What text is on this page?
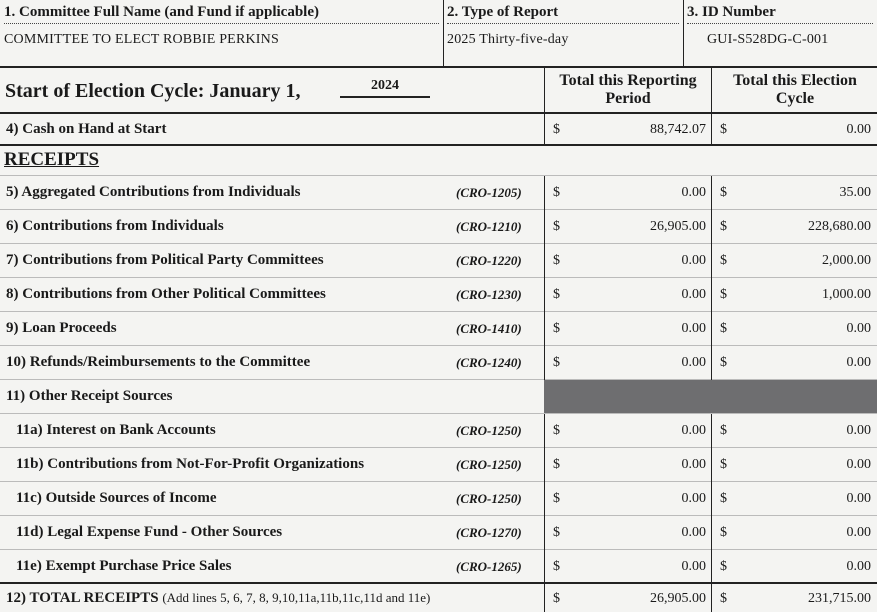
1. Committee Full Name (and Fund if applicable)
COMMITTEE TO ELECT ROBBIE PERKINS
2. Type of Report
2025 Thirty-five-day
3. ID Number
GUI-S528DG-C-001
Start of Election Cycle: January 1,	2024	Total this Reporting Period
Total this Election Cycle
4) Cash on Hand at Start	$	88,742.07 $	0.00
RECEIPTS
5) Aggregated Contributions from Individuals	(CRO-1205) $	0.00 $	35.00
6) Contributions from Individuals	(CRO-1210) $	26,905.00 $	228,680.00
7) Contributions from Political Party Committees	(CRO-1220) $	0.00 $	2,000.00
8) Contributions from Other Political Committees	(CRO-1230) $	0.00 $	1,000.00
9) Loan Proceeds	(CRO-1410) $	0.00 $	0.00
10) Refunds/Reimbursements to the Committee	(CRO-1240) $	0.00 $	0.00
11) Other Receipt Sources
11a) Interest on Bank Accounts	(CRO-1250) $	0.00 $	0.00
11b) Contributions from Not-For-Profit Organizations	(CRO-1250) $	0.00 $	0.00
11c) Outside Sources of Income	(CRO-1250) $	0.00 $	0.00
11d) Legal Expense Fund - Other Sources	(CRO-1270) $	0.00 $	0.00
11e) Exempt Purchase Price Sales	(CRO-1265) $	0.00 $	0.00
12) TOTAL RECEIPTS (Add lines 5, 6, 7, 8, 9,10,11a,11b,11c,11d and 11e)	$	26,905.00 $	231,715.00
